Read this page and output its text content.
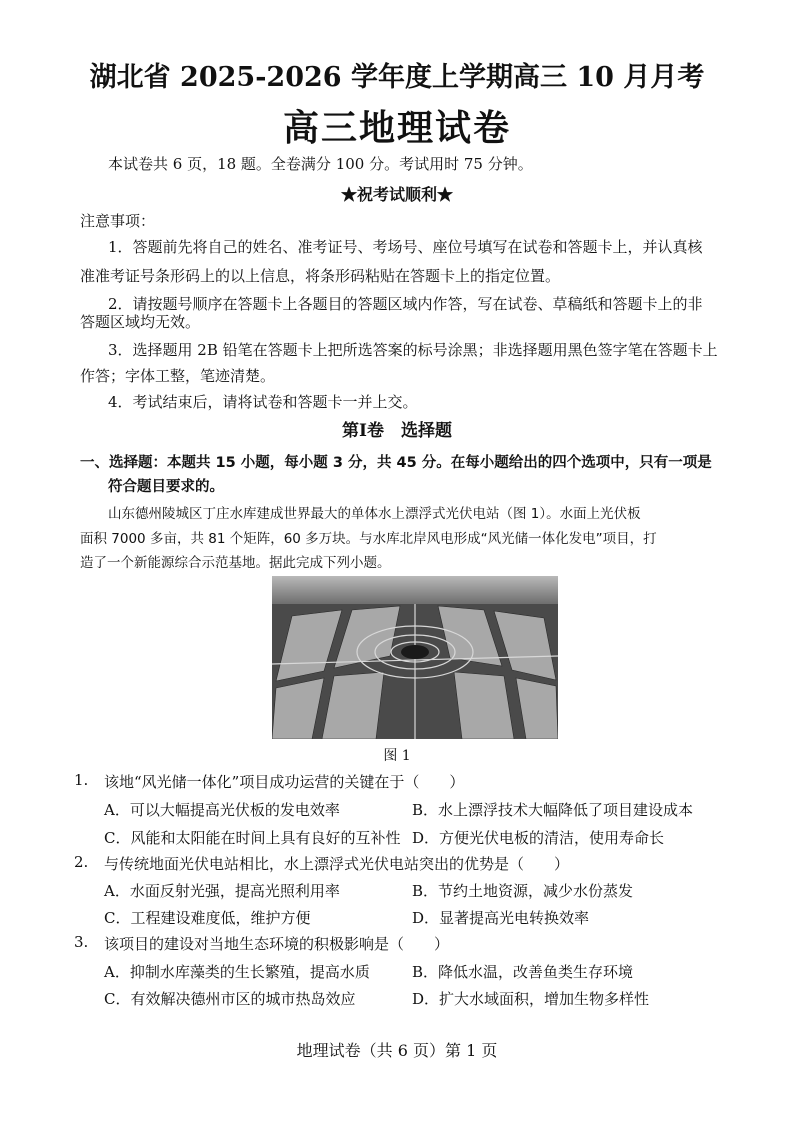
湖北省 2025-2026 学年度上学期高三 10 月月考
高三地理试卷
本试卷共 6 页，18 题。全卷满分 100 分。考试用时 75 分钟。
★祝考试顺利★
注意事项：
1．答题前先将自己的姓名、准考证号、考场号、座位号填写在试卷和答题卡上，并认真核
准准考证号条形码上的以上信息，将条形码粘贴在答题卡上的指定位置。
2．请按题号顺序在答题卡上各题目的答题区域内作答，写在试卷、草稿纸和答题卡上的非
答题区域均无效。
3．选择题用 2B 铅笔在答题卡上把所选答案的标号涂黑；非选择题用黑色签字笔在答题卡上
作答；字体工整，笔迹清楚。
4．考试结束后，请将试卷和答题卡一并上交。
第Ⅰ卷　选择题
一、选择题：本题共 15 小题，每小题 3 分，共 45 分。在每小题给出的四个选项中，只有一项是
符合题目要求的。
山东德州陵城区丁庄水库建成世界最大的单体水上漂浮式光伏电站（图 1）。水面上光伏板
面积 7000 多亩，共 81 个矩阵，60 多万块。与水库北岸风电形成“风光储一体化发电”项目，打
造了一个新能源综合示范基地。据此完成下列小题。
图 1
1. 该地“风光储一体化”项目成功运营的关键在于（　　）
A．可以大幅提高光伏板的发电效率	B．水上漂浮技术大幅降低了项目建设成本
C．风能和太阳能在时间上具有良好的互补性 D．方便光伏电板的清洁，使用寿命长
2. 与传统地面光伏电站相比，水上漂浮式光伏电站突出的优势是（　　）
A．水面反射光强，提高光照利用率	B．节约土地资源，减少水份蒸发
C．工程建设难度低，维护方便	D．显著提高光电转换效率
3. 该项目的建设对当地生态环境的积极影响是（　　）
A．抑制水库藻类的生长繁殖，提高水质	B．降低水温，改善鱼类生存环境
C．有效解决德州市区的城市热岛效应	D．扩大水域面积，增加生物多样性
地理试卷（共 6 页）第 1 页
